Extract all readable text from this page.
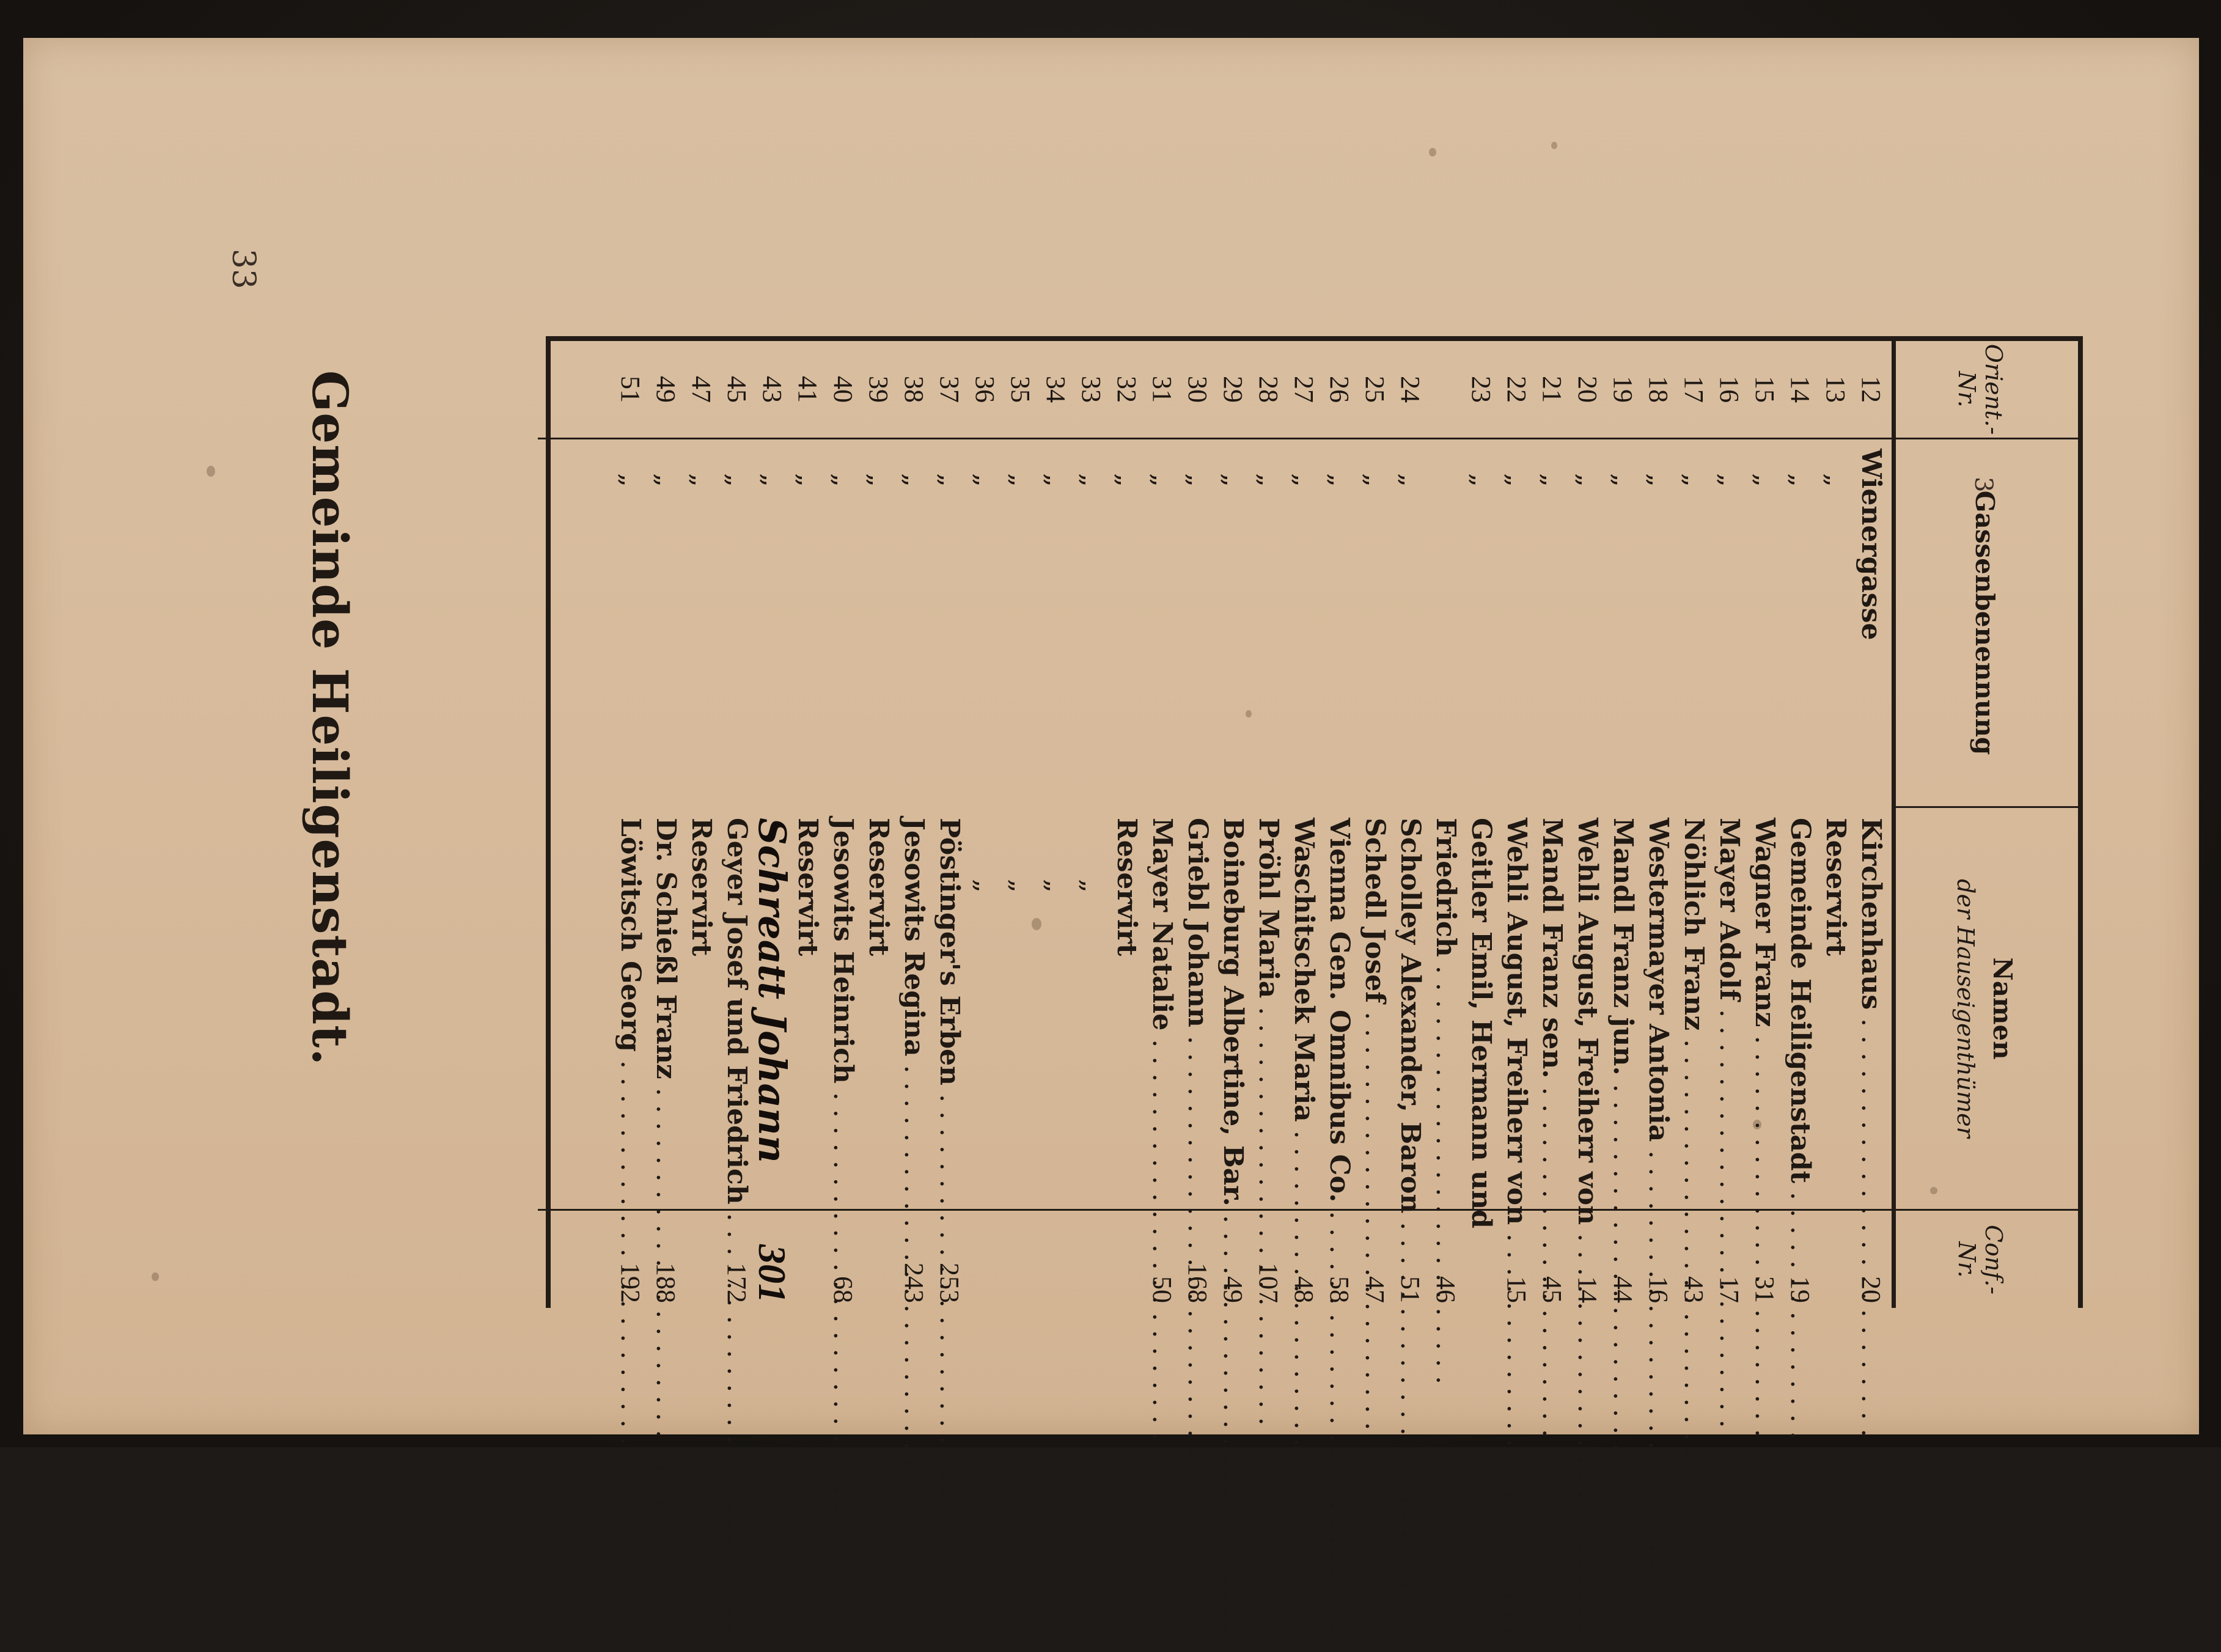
33
Gemeinde Heiligenstadt.	3
Orient.-Nr.
Gassenbenennung
Namen
der Hauseigenthümer
Conf.-Nr.
12
Wienergasse
Kirchenhaus . . .
20
13
„
Reservirt
14
„
Gemeinde Heiligenstadt . . .
19
15
„
Wagner Franz . . .
31
16
„
Mayer Adolf . . .
17
17
„
Nöhlich Franz . . .
43
18
„
Westermayer Antonia . . .
16
19
„
Mandl Franz jun. . . .
44
20
„
Wehli August, Freiherr von . . .
14
21
„
Mandl Franz sen. . . .
45
22
„
Wehli August, Freiherr von . . .
15
23
„
Geitler Emil, Hermann und
Friedrich . . .
46
24
„
Scholley Alexander, Baron . . .
51
25
„
Schedl Josef . . .
47
26
„
Vienna Gen. Omnibus Co. . . .
58
27
„
Waschitschek Maria . . .
48
28
„
Pröhl Maria . . .
107
29
„
Boineburg Albertine, Bar. . . .
49
30
„
Griebl Johann . . .
168
31
„
Mayer Natalie . . .
50
32
„
Reservirt
33
„
„
34
„
„
35
„
„
36
„
„
37
„
Pöstinger's Erben . . .
253
38
„
Jesowits Regina . . .
243
39
„
Reservirt
40
„
Jesowits Heinrich . . .
68
41
„
Reservirt
43
„
Schreatt Johann
301
45
„
Geyer Josef und Friedrich . . .
172
47
„
Reservirt
49
„
Dr. Schießl Franz . . .
188
51
„
Löwitsch Georg . . .
192
